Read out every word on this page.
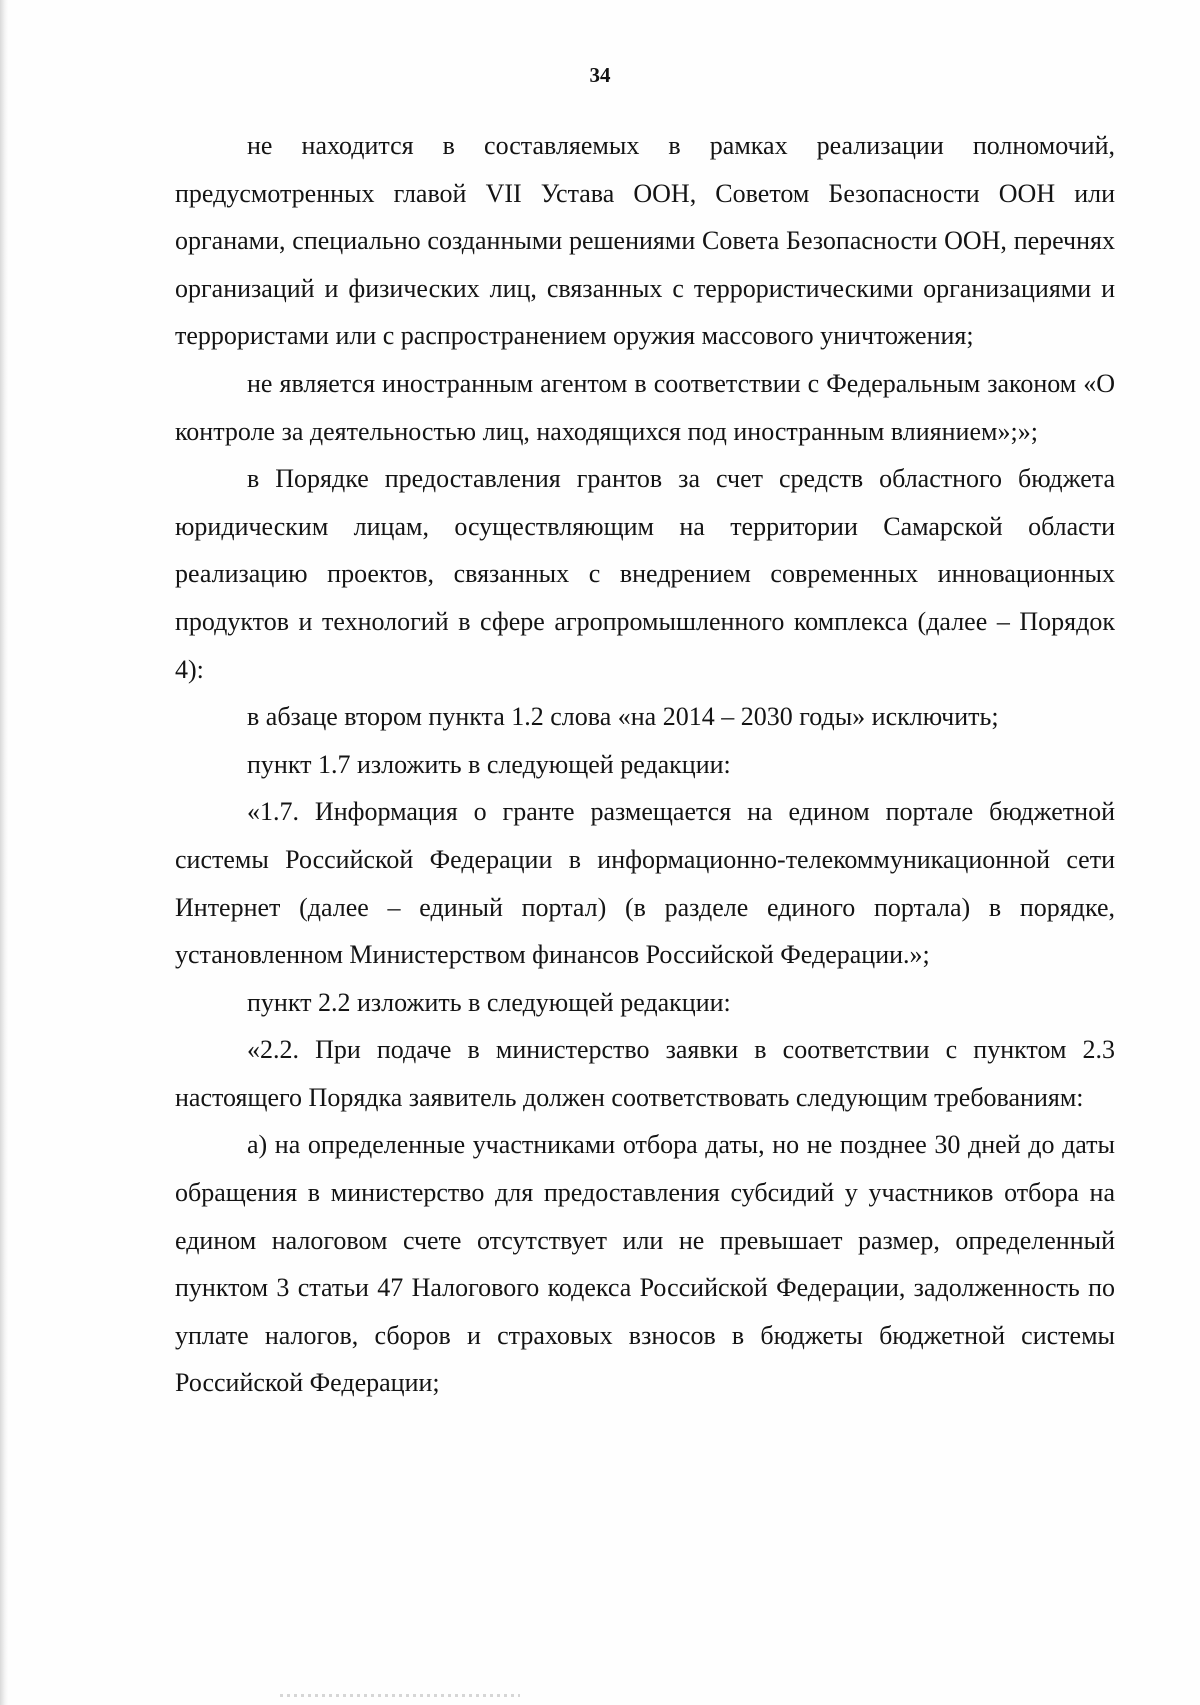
34

не находится в составляемых в рамках реализации полномочий, предусмотренных главой VII Устава ООН, Советом Безопасности ООН или органами, специально созданными решениями Совета Безопасности ООН, перечнях организаций и физических лиц, связанных с террористическими организациями и террористами или с распространением оружия массового уничтожения;

не является иностранным агентом в соответствии с Федеральным законом «О контроле за деятельностью лиц, находящихся под иностранным влиянием»;»;

в Порядке предоставления грантов за счет средств областного бюджета юридическим лицам, осуществляющим на территории Самарской области реализацию проектов, связанных с внедрением современных инновационных продуктов и технологий в сфере агропромышленного комплекса (далее – Порядок 4):

в абзаце втором пункта 1.2 слова «на 2014 – 2030 годы» исключить;

пункт 1.7 изложить в следующей редакции:

«1.7. Информация о гранте размещается на едином портале бюджетной системы Российской Федерации в информационно-телекоммуникационной сети Интернет (далее – единый портал) (в разделе единого портала) в порядке, установленном Министерством финансов Российской Федерации.»;

пункт 2.2 изложить в следующей редакции:

«2.2. При подаче в министерство заявки в соответствии с пунктом 2.3 настоящего Порядка заявитель должен соответствовать следующим требованиям:

а) на определенные участниками отбора даты, но не позднее 30 дней до даты обращения в министерство для предоставления субсидий у участников отбора на едином налоговом счете отсутствует или не превышает размер, определенный пунктом 3 статьи 47 Налогового кодекса Российской Федерации, задолженность по уплате налогов, сборов и страховых взносов в бюджеты бюджетной системы Российской Федерации;
